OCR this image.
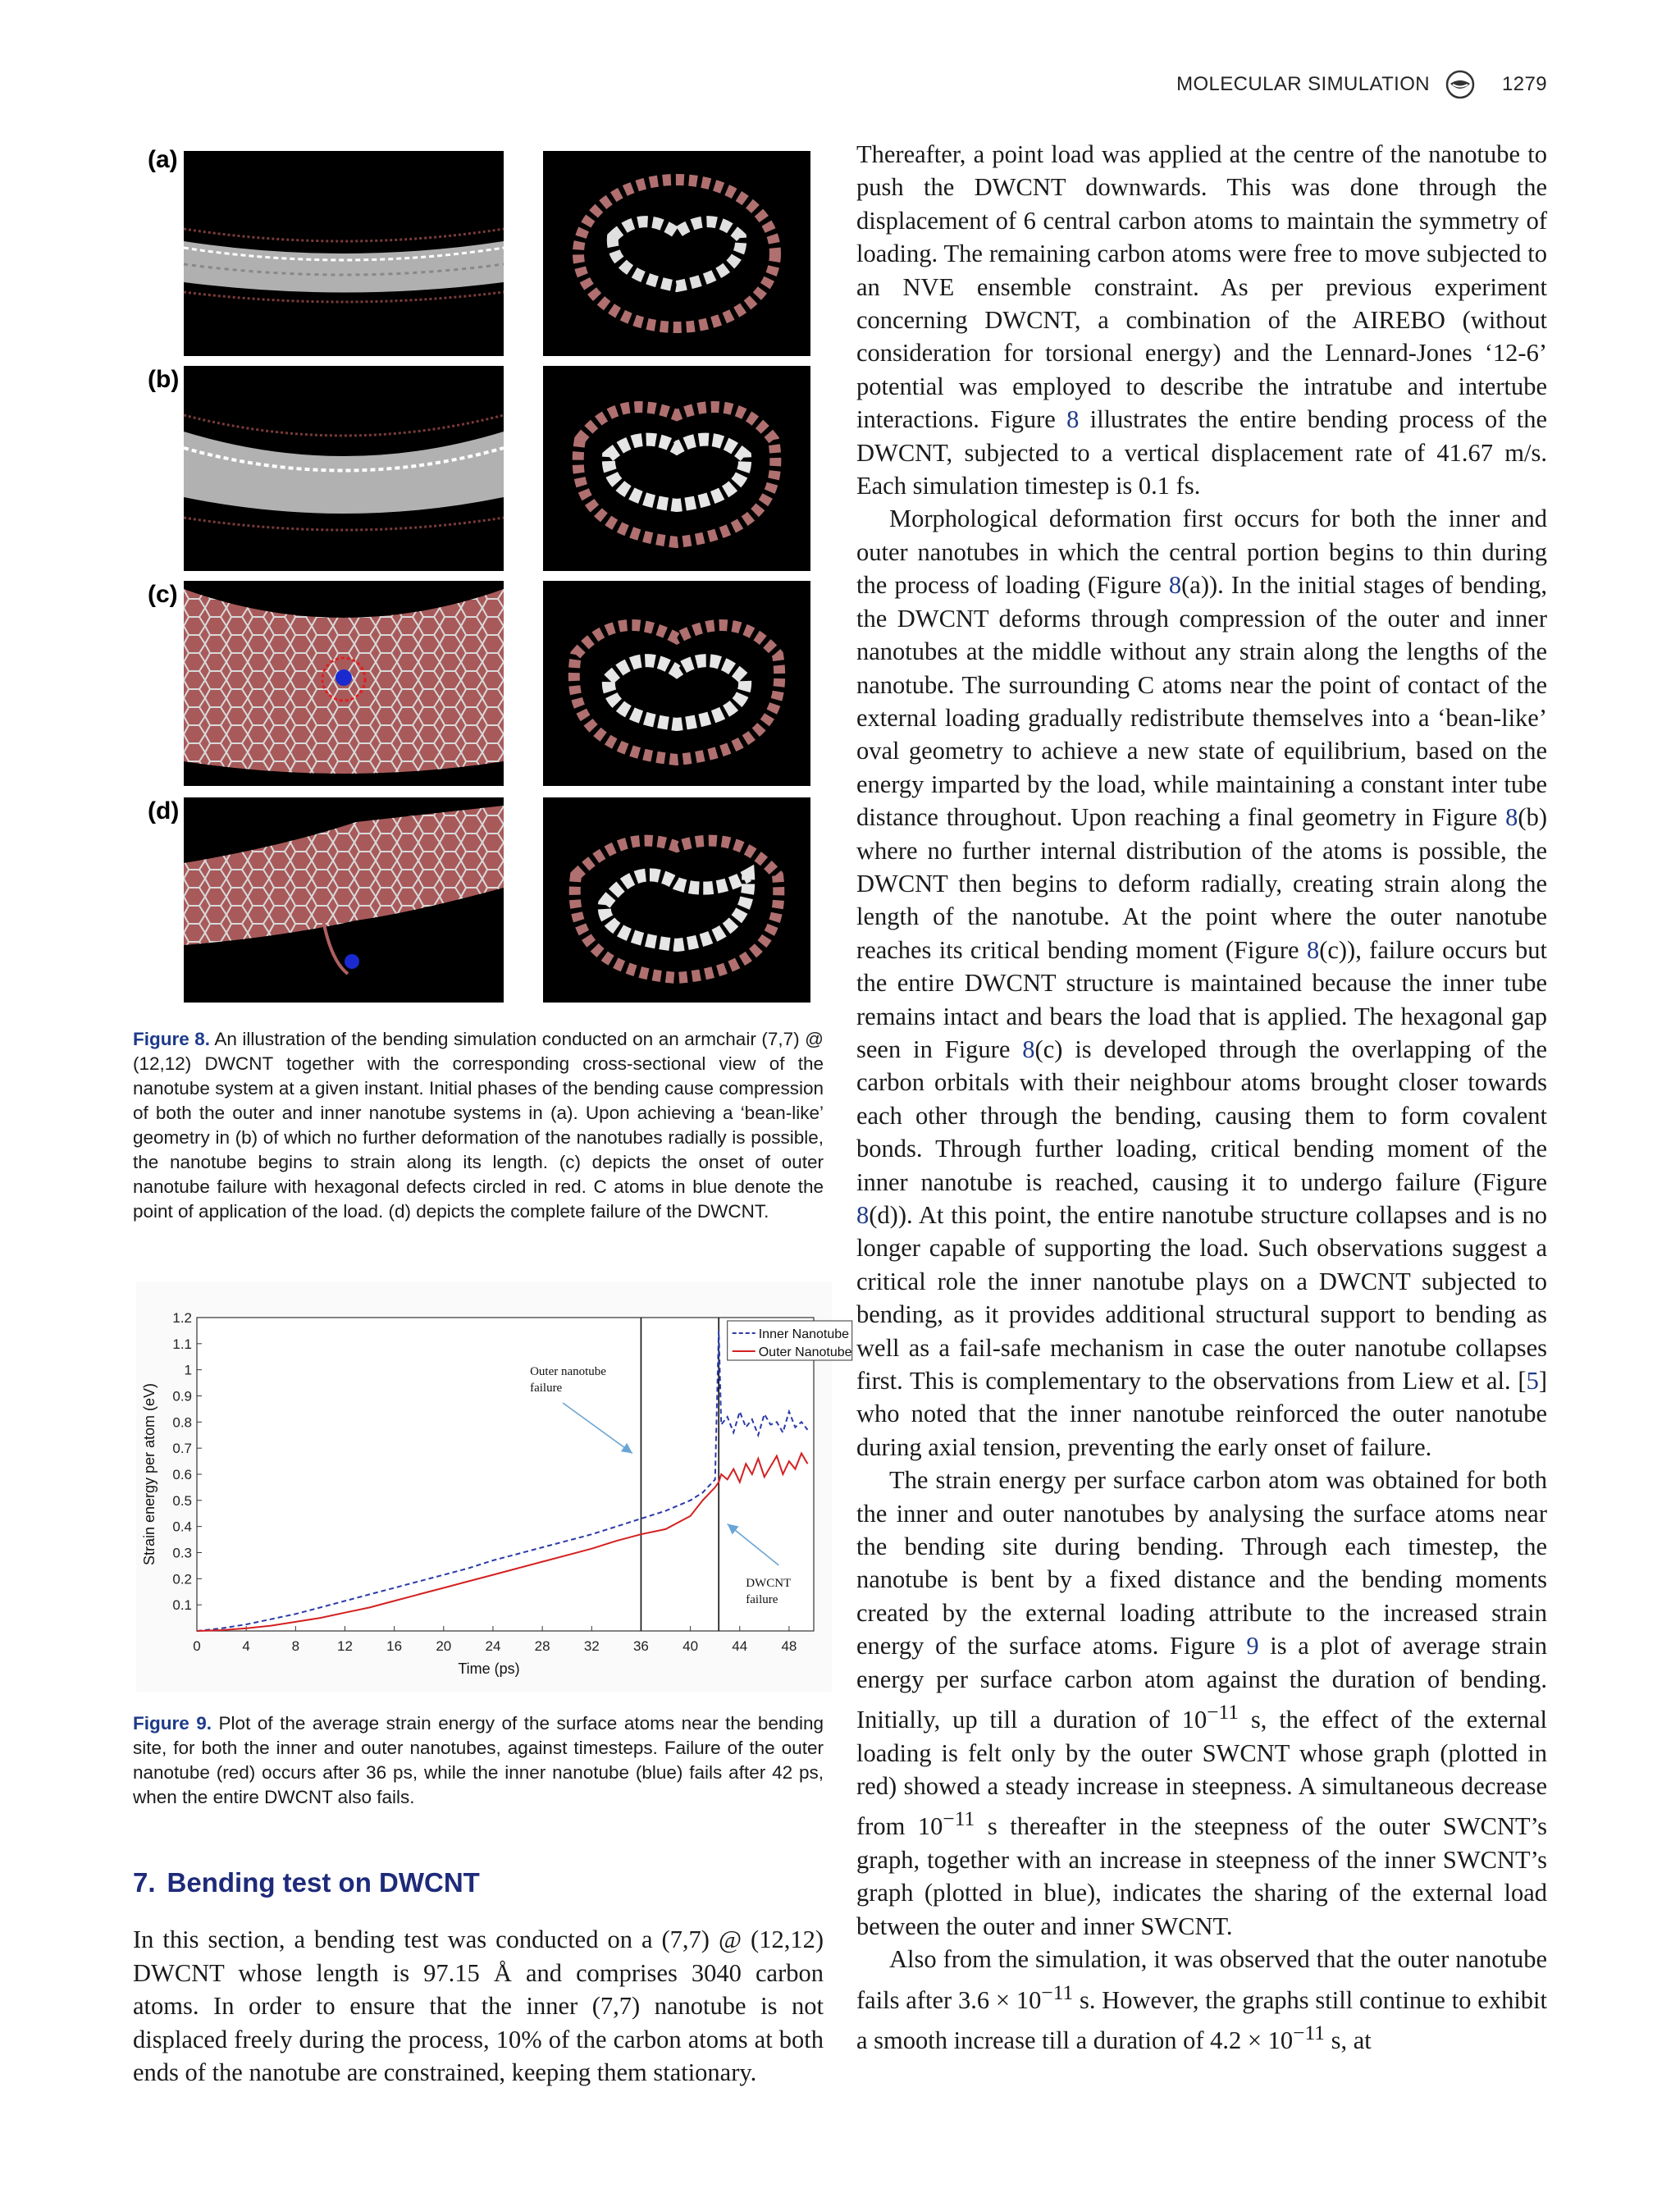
MOLECULAR SIMULATION	1279
(a)
(b)
(c)
(d)
Figure 8. An illustration of the bending simulation conducted on an armchair (7,7) @ (12,12) DWCNT together with the corresponding cross-sectional view of the nanotube system at a given instant. Initial phases of the bending cause compression of both the outer and inner nanotube systems in (a). Upon achieving a ‘bean-like’ geometry in (b) of which no further deformation of the nanotubes radially is possible, the nanotube begins to strain along its length. (c) depicts the onset of outer nanotube failure with hexagonal defects circled in red. C atoms in blue denote the point of application of the load. (d) depicts the complete failure of the DWCNT.
0	4	8	12 16 20 24 28 32 36 40 44 48
0.1
0.2
0.3
0.4
0.5
0.6
0.7
0.8
0.9
1
1.1
1.2
Time (ps)
Strain energy per atom (eV)
Outer nanotube
failure
DWCNT
failure
Inner Nanotube
Outer Nanotube
Figure 9. Plot of the average strain energy of the surface atoms near the bending site, for both the inner and outer nanotubes, against timesteps. Failure of the outer nanotube (red) occurs after 36 ps, while the inner nanotube (blue) fails after 42 ps, when the entire DWCNT also fails.
7. Bending test on DWCNT

In this section, a bending test was conducted on a (7,7) @ (12,12) DWCNT whose length is 97.15 Å and comprises 3040 carbon atoms. In order to ensure that the inner (7,7) nanotube is not displaced freely during the process, 10% of the carbon atoms at both ends of the nanotube are constrained, keeping them stationary.

Thereafter, a point load was applied at the centre of the nanotube to push the DWCNT downwards. This was done through the displacement of 6 central carbon atoms to maintain the symmetry of loading. The remaining carbon atoms were free to move subjected to an NVE ensemble constraint. As per previous experiment concerning DWCNT, a combination of the AIREBO (without consideration for torsional energy) and the Lennard-Jones ‘12-6’ potential was employed to describe the intratube and intertube interactions. Figure 8 illustrates the entire bending process of the DWCNT, subjected to a vertical displacement rate of 41.67 m/s. Each simulation timestep is 0.1 fs.

Morphological deformation first occurs for both the inner and outer nanotubes in which the central portion begins to thin during the process of loading (Figure 8(a)). In the initial stages of bending, the DWCNT deforms through compression of the outer and inner nanotubes at the middle without any strain along the lengths of the nanotube. The surrounding C atoms near the point of contact of the external loading gradually redistribute themselves into a ‘bean-like’ oval geometry to achieve a new state of equilibrium, based on the energy imparted by the load, while maintaining a constant inter tube distance throughout. Upon reaching a final geometry in Figure 8(b) where no further internal distribution of the atoms is possible, the DWCNT then begins to deform radially, creating strain along the length of the nanotube. At the point where the outer nanotube reaches its critical bending moment (Figure 8(c)), failure occurs but the entire DWCNT structure is maintained because the inner tube remains intact and bears the load that is applied. The hexagonal gap seen in Figure 8(c) is developed through the overlapping of the carbon orbitals with their neighbour atoms brought closer towards each other through the bending, causing them to form covalent bonds. Through further loading, critical bending moment of the inner nanotube is reached, causing it to undergo failure (Figure 8(d)). At this point, the entire nanotube structure collapses and is no longer capable of supporting the load. Such observations suggest a critical role the inner nanotube plays on a DWCNT subjected to bending, as it provides additional structural support to bending as well as a fail-safe mechanism in case the outer nanotube collapses first. This is complementary to the observations from Liew et al. [5] who noted that the inner nanotube reinforced the outer nanotube during axial tension, preventing the early onset of failure.

The strain energy per surface carbon atom was obtained for both the inner and outer nanotubes by analysing the surface atoms near the bending site during bending. Through each timestep, the nanotube is bent by a fixed distance and the bending moments created by the external loading attribute to the increased strain energy of the surface atoms. Figure 9 is a plot of average strain energy per surface carbon atom against the duration of bending. Initially, up till a duration of $10^{-11}$ s, the effect of the external loading is felt only by the outer SWCNT whose graph (plotted in red) showed a steady increase in steepness. A simultaneous decrease from $10^{-11}$ s thereafter in the steepness of the outer SWCNT’s graph, together with an increase in steepness of the inner SWCNT’s graph (plotted in blue), indicates the sharing of the external load between the outer and inner SWCNT.

Also from the simulation, it was observed that the outer nanotube fails after $3.6 \times 10^{-11}$ s. However, the graphs still continue to exhibit a smooth increase till a duration of $4.2 \times 10^{-11}$ s, at
